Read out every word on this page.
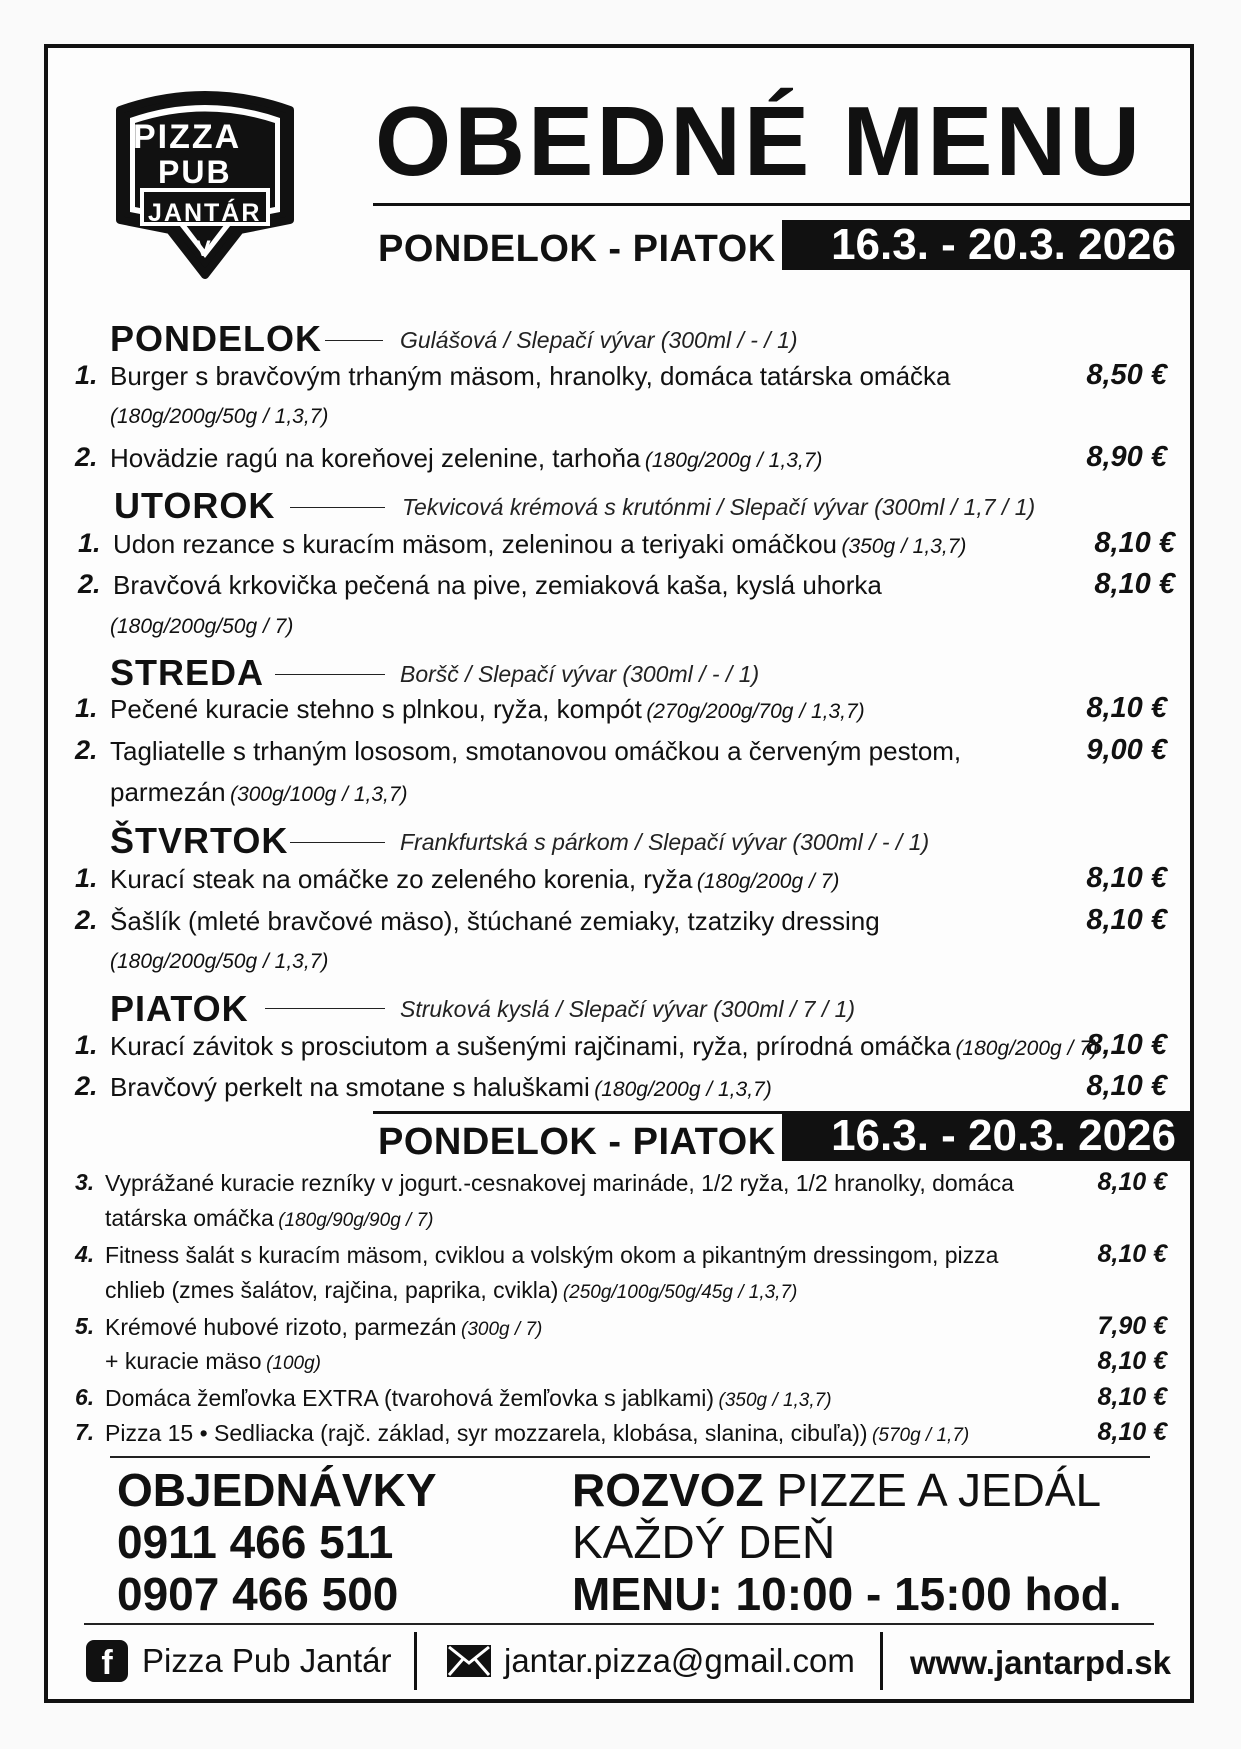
PIZZA
PUB
JANTÁR
V
OBEDNÉ MENU
PONDELOK - PIATOK	16.3. - 20.3. 2026
PONDELOK	Gulášová / Slepačí vývar (300ml / - / 1)
1. Burger s bravčovým trhaným mäsom, hranolky, domáca tatárska omáčka	8,50 €
(180g/200g/50g / 1,3,7)
2. Hovädzie ragú na koreňovej zelenine, tarhoňa (180g/200g / 1,3,7)	8,90 €
UTOROK	Tekvicová krémová s krutónmi / Slepačí vývar (300ml / 1,7 / 1)
1. Udon rezance s kuracím mäsom, zeleninou a teriyaki omáčkou (350g / 1,3,7)	8,10 €
2. Bravčová krkovička pečená na pive, zemiaková kaša, kyslá uhorka	8,10 €
(180g/200g/50g / 7)
STREDA	Boršč / Slepačí vývar (300ml / - / 1)
1. Pečené kuracie stehno s plnkou, ryža, kompót (270g/200g/70g / 1,3,7)	8,10 €
2. Tagliatelle s trhaným lososom, smotanovou omáčkou a červeným pestom,	9,00 €
parmezán (300g/100g / 1,3,7)
ŠTVRTOK	Frankfurtská s párkom / Slepačí vývar (300ml / - / 1)
1. Kurací steak na omáčke zo zeleného korenia, ryža (180g/200g / 7)	8,10 €
2. Šašlík (mleté bravčové mäso), štúchané zemiaky, tzatziky dressing	8,10 €
(180g/200g/50g / 1,3,7)
PIATOK	Struková kyslá / Slepačí vývar (300ml / 7 / 1)
1. Kurací závitok s prosciutom a sušenými rajčinami, ryža, prírodná omáčka (180g/200g / 7)
8,10 €
2. Bravčový perkelt na smotane s haluškami (180g/200g / 1,3,7)	8,10 €
PONDELOK - PIATOK	16.3. - 20.3. 2026
3. Vyprážané kuracie rezníky v jogurt.-cesnakovej marináde, 1/2 ryža, 1/2 hranolky, domáca	8,10 €
tatárska omáčka (180g/90g/90g / 7)
4. Fitness šalát s kuracím mäsom, cviklou a volským okom a pikantným dressingom, pizza	8,10 €
chlieb (zmes šalátov, rajčina, paprika, cvikla) (250g/100g/50g/45g / 1,3,7)
5. Krémové hubové rizoto, parmezán (300g / 7)	7,90 €
+ kuracie mäso (100g)	8,10 €
6. Domáca žemľovka EXTRA (tvarohová žemľovka s jablkami) (350g / 1,3,7)	8,10 €
7. Pizza 15 • Sedliacka (rajč. základ, syr mozzarela, klobása, slanina, cibuľa)) (570g / 1,7)	8,10 €
OBJEDNÁVKY
0911 466 511
0907 466 500
ROZVOZ PIZZE A JEDÁL
KAŽDÝ DEŇ
MENU: 10:00 - 15:00 hod.
f Pizza Pub Jantár	jantar.pizza@gmail.com www.jantarpd.sk
